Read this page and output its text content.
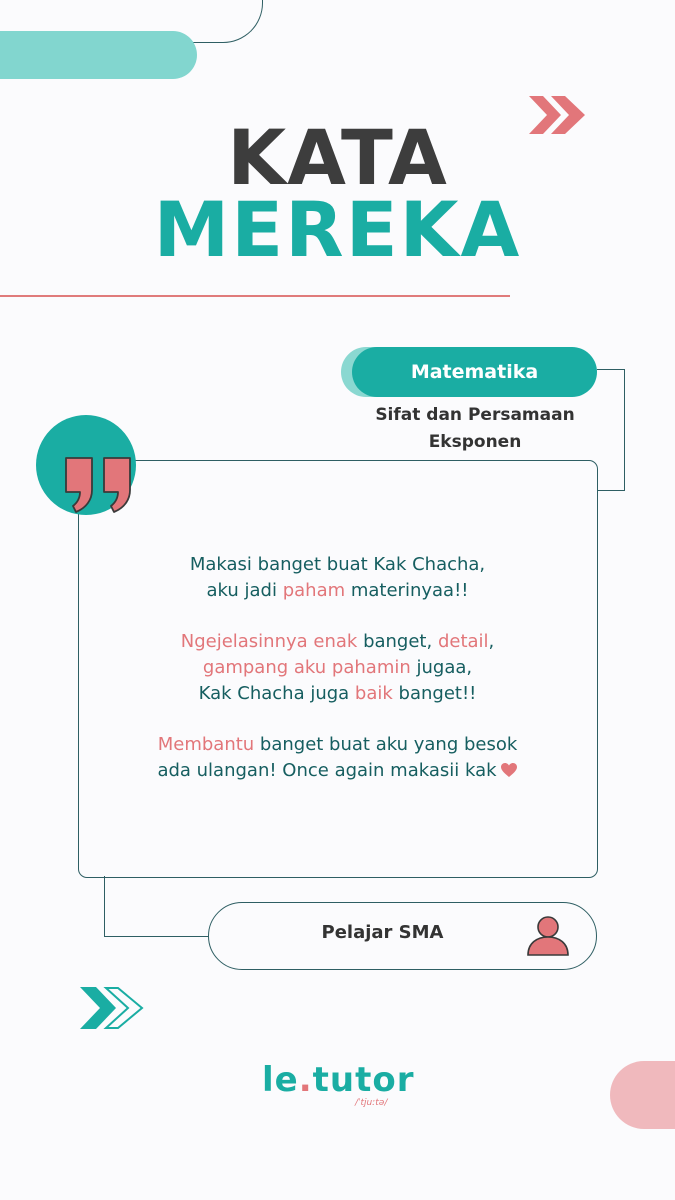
KATA
MEREKA
Matematika
Sifat dan Persamaan
Eksponen

Makasi banget buat Kak Chacha,
aku jadi paham materinyaa!!

Ngejelasinnya enak banget, detail,
gampang aku pahamin jugaa,
Kak Chacha juga baik banget!!

Membantu banget buat aku yang besok
ada ulangan! Once again makasii kak

Pelajar SMA
le.tutor
/ˈtjuːtə/
